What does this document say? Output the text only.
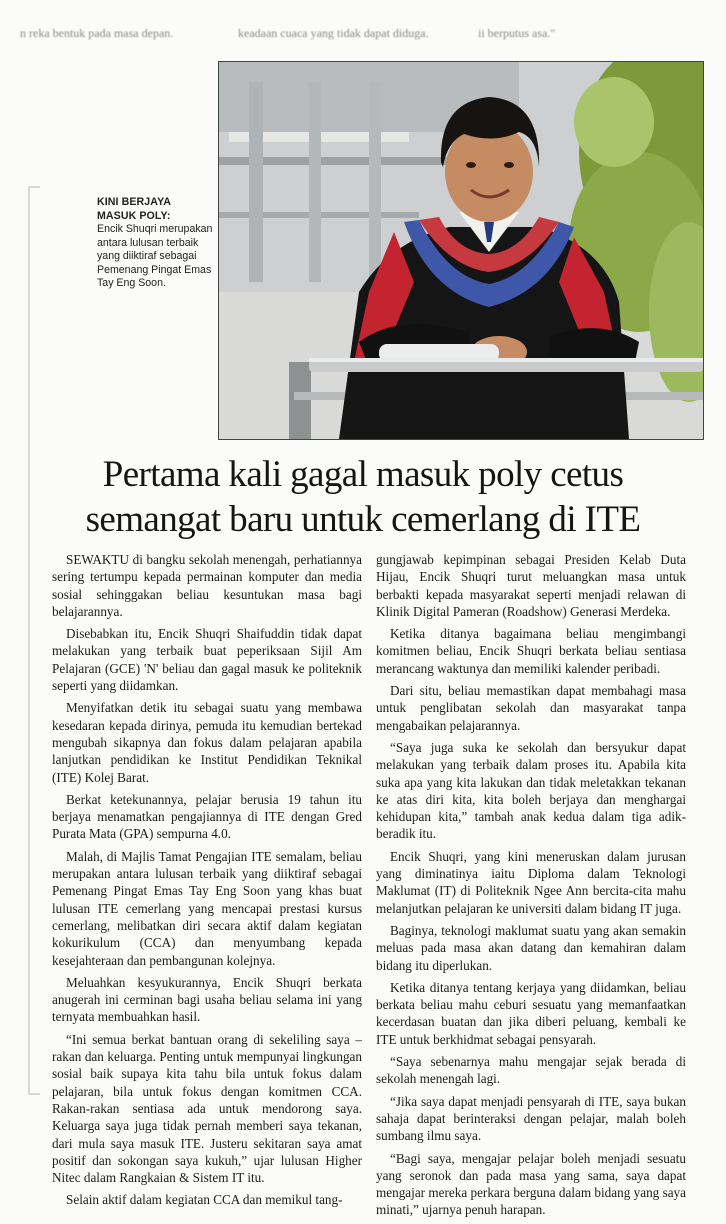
n reka bentuk pada masa depan.	keadaan cuaca yang tidak dapat diduga.	ii berputus asa."
KINI BERJAYA
MASUK POLY:
Encik Shuqri merupakan antara lulusan terbaik yang diiktiraf sebagai Pemenang Pingat Emas Tay Eng Soon.
Pertama kali gagal masuk poly cetus
semangat baru untuk cemerlang di ITE

SEWAKTU di bangku sekolah menengah, perhatiannya sering tertumpu kepada permainan komputer dan media sosial sehinggakan beliau kesuntukan masa bagi belajarannya.

Disebabkan itu, Encik Shuqri Shaifuddin tidak dapat melakukan yang terbaik buat peperiksaan Sijil Am Pelajaran (GCE) 'N' beliau dan gagal masuk ke politeknik seperti yang diidamkan.

Menyifatkan detik itu sebagai suatu yang membawa kesedaran kepada dirinya, pemuda itu kemudian bertekad mengubah sikapnya dan fokus dalam pelajaran apabila lanjutkan pendidikan ke Institut Pendidikan Teknikal (ITE) Kolej Barat.

Berkat ketekunannya, pelajar berusia 19 tahun itu berjaya menamatkan pengajiannya di ITE dengan Gred Purata Mata (GPA) sempurna 4.0.

Malah, di Majlis Tamat Pengajian ITE semalam, beliau merupakan antara lulusan terbaik yang diiktiraf sebagai Pemenang Pingat Emas Tay Eng Soon yang khas buat lulusan ITE cemerlang yang mencapai prestasi kursus cemerlang, melibatkan diri secara aktif dalam kegiatan kokurikulum (CCA) dan menyumbang kepada kesejahteraan dan pembangunan kolejnya.

Meluahkan kesyukurannya, Encik Shuqri berkata anugerah ini cerminan bagi usaha beliau selama ini yang ternyata membuahkan hasil.

“Ini semua berkat bantuan orang di sekeliling saya – rakan dan keluarga. Penting untuk mempunyai lingkungan sosial baik supaya kita tahu bila untuk fokus dalam pelajaran, bila untuk fokus dengan komitmen CCA. Rakan-rakan sentiasa ada untuk mendorong saya. Keluarga saya juga tidak pernah memberi saya tekanan, dari mula saya masuk ITE. Justeru sekitaran saya amat positif dan sokongan saya kukuh,” ujar lulusan Higher Nitec dalam Rangkaian & Sistem IT itu.

Selain aktif dalam kegiatan CCA dan memikul tang-

gungjawab kepimpinan sebagai Presiden Kelab Duta Hijau, Encik Shuqri turut meluangkan masa untuk berbakti kepada masyarakat seperti menjadi relawan di Klinik Digital Pameran (Roadshow) Generasi Merdeka.

Ketika ditanya bagaimana beliau mengimbangi komitmen beliau, Encik Shuqri berkata beliau sentiasa merancang waktunya dan memiliki kalender peribadi.

Dari situ, beliau memastikan dapat membahagi masa untuk penglibatan sekolah dan masyarakat tanpa mengabaikan pelajarannya.

“Saya juga suka ke sekolah dan bersyukur dapat melakukan yang terbaik dalam proses itu. Apabila kita suka apa yang kita lakukan dan tidak meletakkan tekanan ke atas diri kita, kita boleh berjaya dan menghargai kehidupan kita,” tambah anak kedua dalam tiga adik-beradik itu.

Encik Shuqri, yang kini meneruskan dalam jurusan yang diminatinya iaitu Diploma dalam Teknologi Maklumat (IT) di Politeknik Ngee Ann bercita-cita mahu melanjutkan pelajaran ke universiti dalam bidang IT juga.

Baginya, teknologi maklumat suatu yang akan semakin meluas pada masa akan datang dan kemahiran dalam bidang itu diperlukan.

Ketika ditanya tentang kerjaya yang diidamkan, beliau berkata beliau mahu ceburi sesuatu yang memanfaatkan kecerdasan buatan dan jika diberi peluang, kembali ke ITE untuk berkhidmat sebagai pensyarah.

“Saya sebenarnya mahu mengajar sejak berada di sekolah menengah lagi.

“Jika saya dapat menjadi pensyarah di ITE, saya bukan sahaja dapat berinteraksi dengan pelajar, malah boleh sumbang ilmu saya.

“Bagi saya, mengajar pelajar boleh menjadi sesuatu yang seronok dan pada masa yang sama, saya dapat mengajar mereka perkara berguna dalam bidang yang saya minati,” ujarnya penuh harapan.
